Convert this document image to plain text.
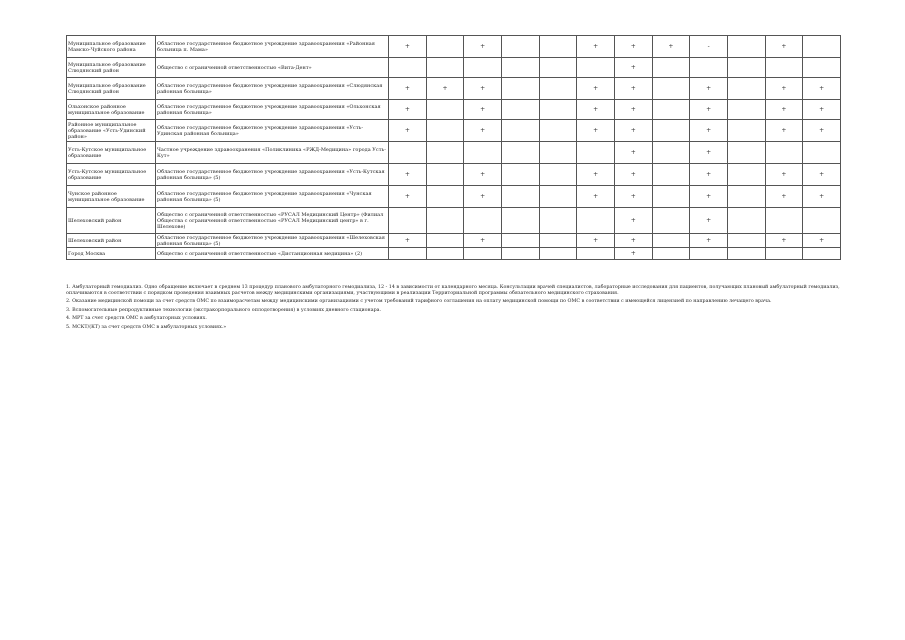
Муниципальное образование Мамско-Чуйского района	Областное государственное бюджетное учреждение здравоохранения «Районная больница п. Мама»	+		+			+	+	+	-		+	
Муниципальное образование Слюдянский район	Общество с ограниченной ответственностью «Вита-Дент»							+					
Муниципальное образование Слюдянский район	Областное государственное бюджетное учреждение здравоохранения «Слюдянская районная больница»	+	+	+			+	+		+		+	+
Ольхонское районное муниципальное образование	Областное государственное бюджетное учреждение здравоохранения «Ольхонская районная больница»	+		+			+	+		+		+	+
Районное муниципальное образование «Усть-Удинский район»	Областное государственное бюджетное учреждение здравоохранения «Усть-Удинская районная больница»	+		+			+	+		+		+	+
Усть-Кутское муниципальное образование	Частное учреждение здравоохранения «Поликлиника «РЖД-Медицина» города Усть-Кут»							+		+			
Усть-Кутское муниципальное образование	Областное государственное бюджетное учреждение здравоохранения «Усть-Кутская районная больница» (5)	+		+			+	+		+		+	+
Чунское районное муниципальное образование	Областное государственное бюджетное учреждение здравоохранения «Чунская районная больница» (5)	+		+			+	+		+		+	+
Шелеховский район	Общество с ограниченной ответственностью «РУСАЛ Медицинский Центр» (Филиал Общества с ограниченной ответственностью «РУСАЛ Медицинский центр» в г. Шелехове)							+		+			
Шелеховский район	Областное государственное бюджетное учреждение здравоохранения «Шелеховская районная больница» (5)	+		+			+	+		+		+	+
Город Москва	Общество с ограниченной ответственностью «Дистанционная медицина» (2)							+					

1. Амбулаторный гемодиализ. Одно обращение включает в среднем 13 процедур планового амбулаторного гемодиализа, 12 - 14 в зависимости от календарного месяца. Консультации врачей специалистов, лабораторные исследования для пациентов, получающих плановый амбулаторный гемодиализ, оплачиваются в соответствии с порядком проведения взаимных расчетов между медицинскими организациями, участвующими в реализации Территориальной программы обязательного медицинского страхования.

2. Оказание медицинской помощи за счет средств ОМС по взаиморасчетам между медицинскими организациями с учетом требований тарифного соглашения на оплату медицинской помощи по ОМС в соответствии с имеющейся лицензией по направлению лечащего врача.

3. Вспомогательные репродуктивные технологии (экстракорпорального оплодотворения) в условиях дневного стационара.

4. МРТ за счет средств ОМС в амбулаторных условиях.

5. МСКТ/(КТ) за счет средств ОМС в амбулаторных условиях.»
